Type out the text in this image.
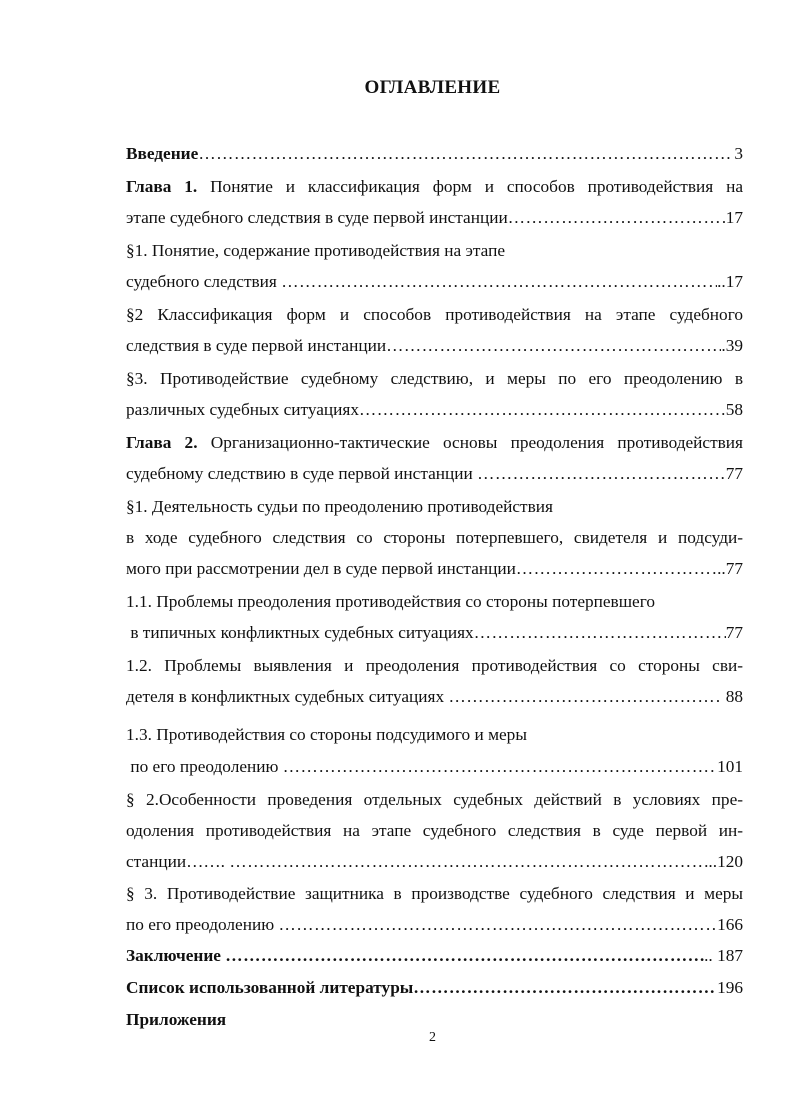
ОГЛАВЛЕНИЕ
Введение ……………………………………………………………………………………………………………………………………	3
Глава 1. Понятие и классификация форм и способов противодействия на
этапе судебного следствия в суде первой инстанции ……………………………………………………………………………………………………………………………………	17
§1. Понятие, содержание противодействия на этапе
судебного следствия ……………………………………………………………………………………………………………………………………	..17
§2 Классификация форм и способов противодействия на этапе судебного
следствия в суде первой инстанции ……………………………………………………………………………………………………………………………………	.39
§3. Противодействие судебному следствию, и меры по его преодолению в
различных судебных ситуациях ……………………………………………………………………………………………………………………………………	58
Глава 2. Организационно-тактические основы преодоления противодействия
судебному следствию в суде первой инстанции ……………………………………………………………………………………………………………………………………	77
§1. Деятельность судьи по преодолению противодействия
в ходе судебного следствия со стороны потерпевшего, свидетеля и подсуди-
мого при рассмотрении дел в суде первой инстанции ……………………………………………………………………………………………………………………………………	..77
1.1. Проблемы преодоления противодействия со стороны потерпевшего
в типичных конфликтных судебных ситуациях ……………………………………………………………………………………………………………………………………	77
1.2. Проблемы выявления и преодоления противодействия со стороны сви-
детеля в конфликтных судебных ситуациях ……………………………………………………………………………………………………………………………………	88
1.3. Противодействия со стороны подсудимого и меры
по его преодолению ……………………………………………………………………………………………………………………………………	101
§ 2.Особенности проведения отдельных судебных действий в условиях пре-
одоления противодействия на этапе судебного следствия в суде первой ин-
станции……. ……………………………………………………………………………………………………………………………………	...120
§ 3. Противодействие защитника в производстве судебного следствия и меры
по его преодолению ……………………………………………………………………………………………………………………………………	166
Заключение ……………………………………………………………………………………………………………………………………	.. 187
Список использованной литературы ……………………………………………………………………………………………………………………………………	196
Приложения
2
